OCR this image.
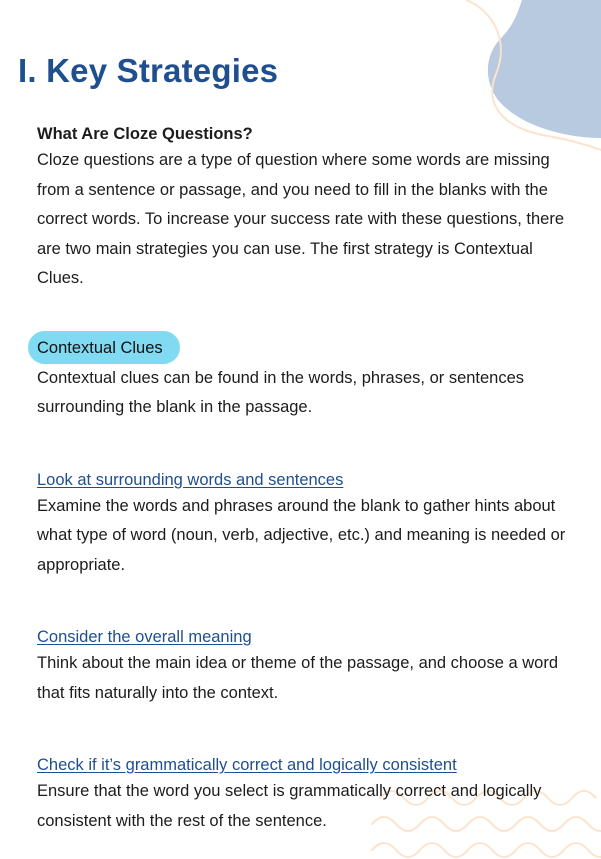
I. Key Strategies
What Are Cloze Questions?

Cloze questions are a type of question where some words are missing from a sentence or passage, and you need to fill in the blanks with the correct words. To increase your success rate with these questions, there are two main strategies you can use. The first strategy is Contextual Clues.

Contextual Clues

Contextual clues can be found in the words, phrases, or sentences surrounding the blank in the passage.

Look at surrounding words and sentences

Examine the words and phrases around the blank to gather hints about what type of word (noun, verb, adjective, etc.) and meaning is needed or appropriate.

Consider the overall meaning

Think about the main idea or theme of the passage, and choose a word that fits naturally into the context.

Check if it’s grammatically correct and logically consistent

Ensure that the word you select is grammatically correct and logically consistent with the rest of the sentence.
